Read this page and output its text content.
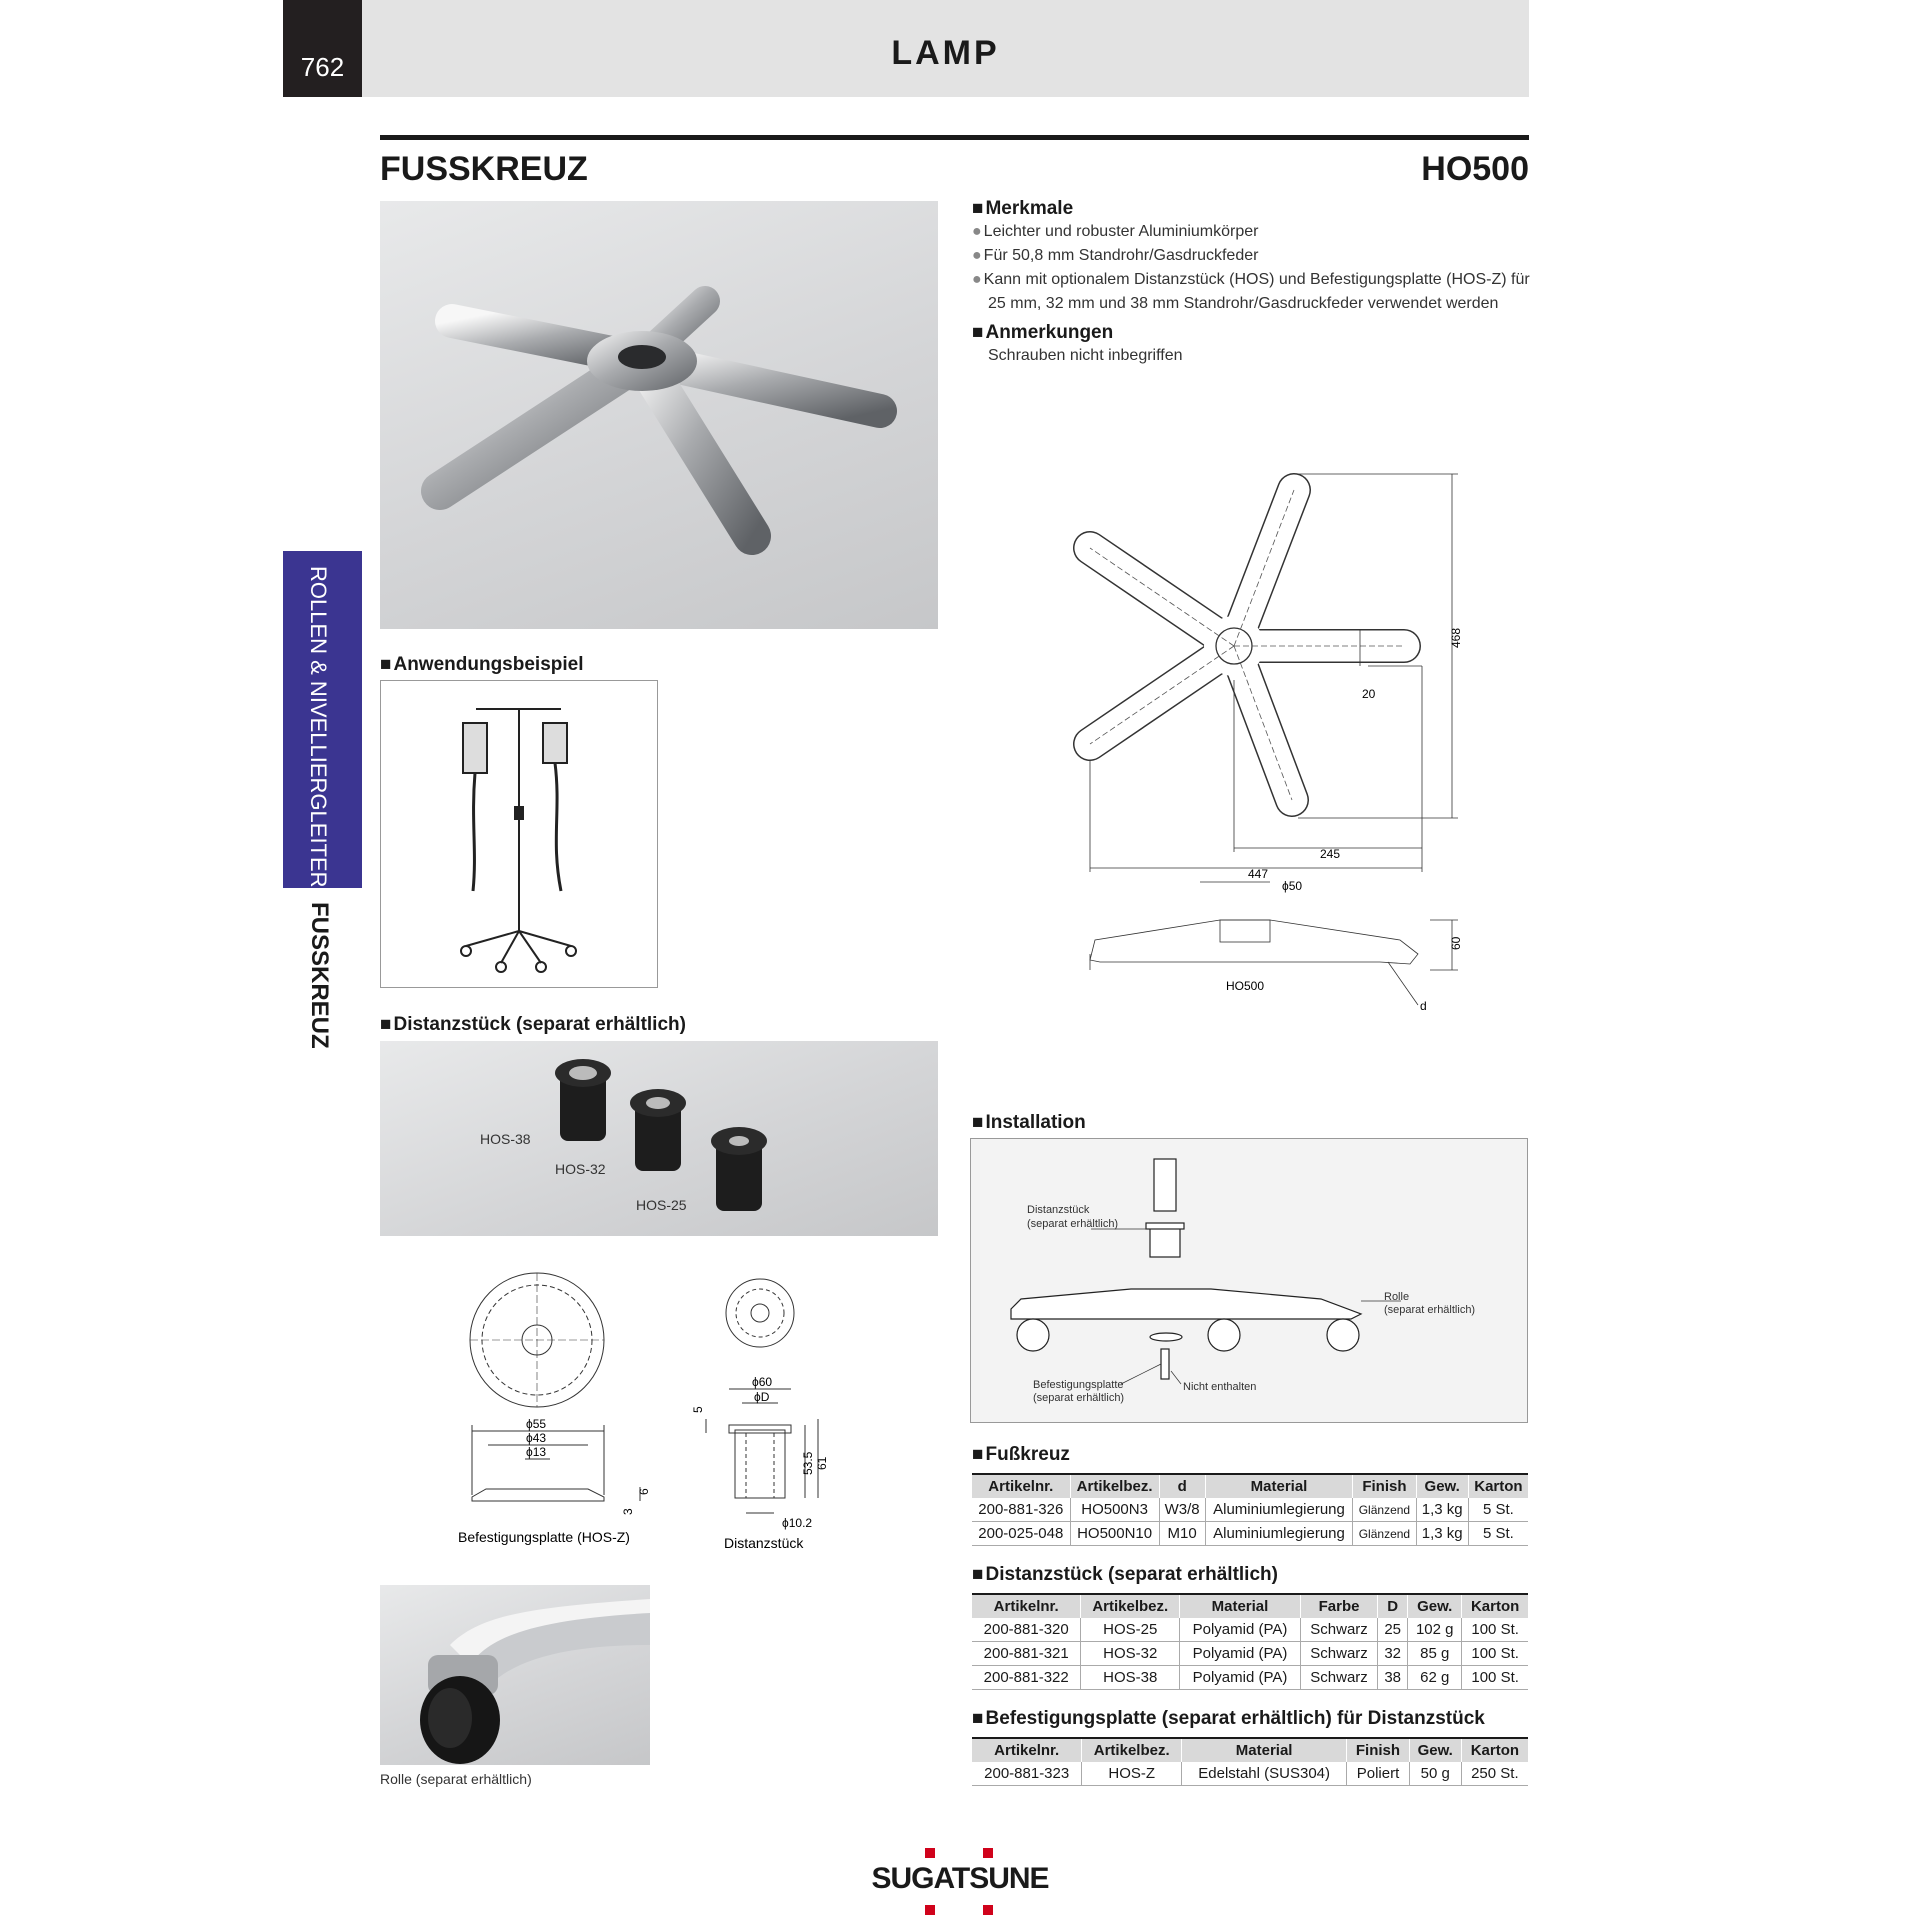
762	LAMP
FUSSKREUZ	HO500
ROLLEN & NIVELLIERGLEITER
FUSSKREUZ
■ Merkmale
● Leichter und robuster Aluminiumkörper
● Für 50,8 mm Standrohr/Gasdruckfeder
● Kann mit optionalem Distanzstück (HOS) und Befestigungsplatte (HOS-Z) für
25 mm, 32 mm und 38 mm Standrohr/Gasdruckfeder verwendet werden
■ Anmerkungen
Schrauben nicht inbegriffen
468
20
245
447
ϕ50
60
HO500
d
■ Anwendungsbeispiel
■ Distanzstück (separat erhältlich)
HOS-38
HOS-32
HOS-25
ϕ55
ϕ43
ϕ13
6
3
Befestigungsplatte (HOS-Z)
ϕ60
ϕD
5
53.5 61
ϕ10.2
Distanzstück
Rolle (separat erhältlich)
■ Installation
Distanzstück
(separat erhältlich)
Rolle
(separat erhältlich)
Befestigungsplatte
(separat erhältlich)
Nicht enthalten
■ Fußkreuz
Artikelnr.	Artikelbez.	d	Material	Finish	Gew.	Karton
200-881-326	HO500N3	W3/8	Aluminiumlegierung	Glänzend	1,3 kg	5 St.
200-025-048	HO500N10	M10	Aluminiumlegierung	Glänzend	1,3 kg	5 St.
■ Distanzstück (separat erhältlich)
Artikelnr.	Artikelbez.	Material	Farbe	D	Gew.	Karton
200-881-320	HOS-25	Polyamid (PA)	Schwarz	25	102 g	100 St.
200-881-321	HOS-32	Polyamid (PA)	Schwarz	32	85 g	100 St.
200-881-322	HOS-38	Polyamid (PA)	Schwarz	38	62 g	100 St.
■ Befestigungsplatte (separat erhältlich) für Distanzstück
Artikelnr.	Artikelbez.	Material	Finish	Gew.	Karton
200-881-323	HOS-Z	Edelstahl (SUS304)	Poliert	50 g	250 St.
SUGATSUNE
